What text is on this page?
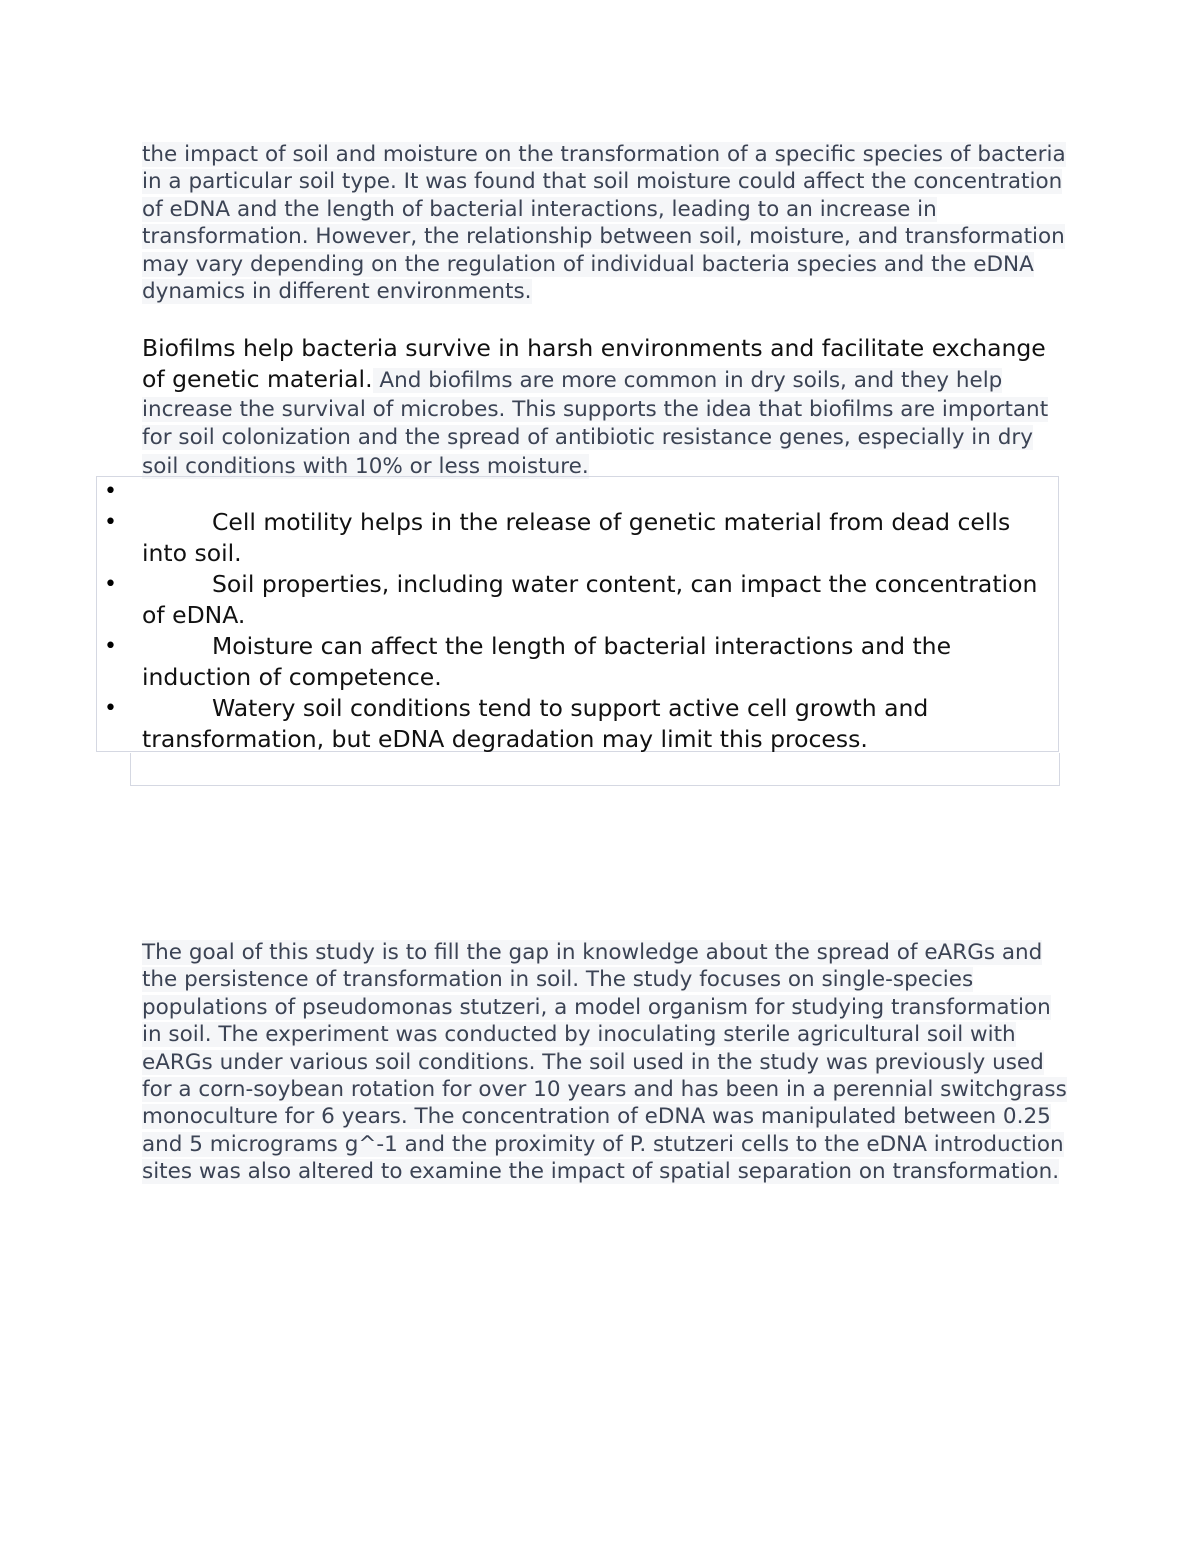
the impact of soil and moisture on the transformation of a specific species of bacteria in a particular soil type. It was found that soil moisture could affect the concentration of eDNA and the length of bacterial interactions, leading to an increase in transformation. However, the relationship between soil, moisture, and transformation may vary depending on the regulation of individual bacteria species and the eDNA dynamics in different environments.

Biofilms help bacteria survive in harsh environments and facilitate exchange of genetic material. And biofilms are more common in dry soils, and they help increase the survival of microbes. This supports the idea that biofilms are important for soil colonization and the spread of antibiotic resistance genes, especially in dry soil conditions with 10% or less moisture.

•
•	Cell motility helps in the release of genetic material from dead cells into soil.
•	Soil properties, including water content, can impact the concentration of eDNA.
•	Moisture can affect the length of bacterial interactions and the induction of competence.
•	Watery soil conditions tend to support active cell growth and transformation, but eDNA degradation may limit this process.

The goal of this study is to fill the gap in knowledge about the spread of eARGs and the persistence of transformation in soil. The study focuses on single-species populations of pseudomonas stutzeri, a model organism for studying transformation in soil. The experiment was conducted by inoculating sterile agricultural soil with eARGs under various soil conditions. The soil used in the study was previously used for a corn-soybean rotation for over 10 years and has been in a perennial switchgrass monoculture for 6 years. The concentration of eDNA was manipulated between 0.25 and 5 micrograms g^-1 and the proximity of P. stutzeri cells to the eDNA introduction sites was also altered to examine the impact of spatial separation on transformation.
